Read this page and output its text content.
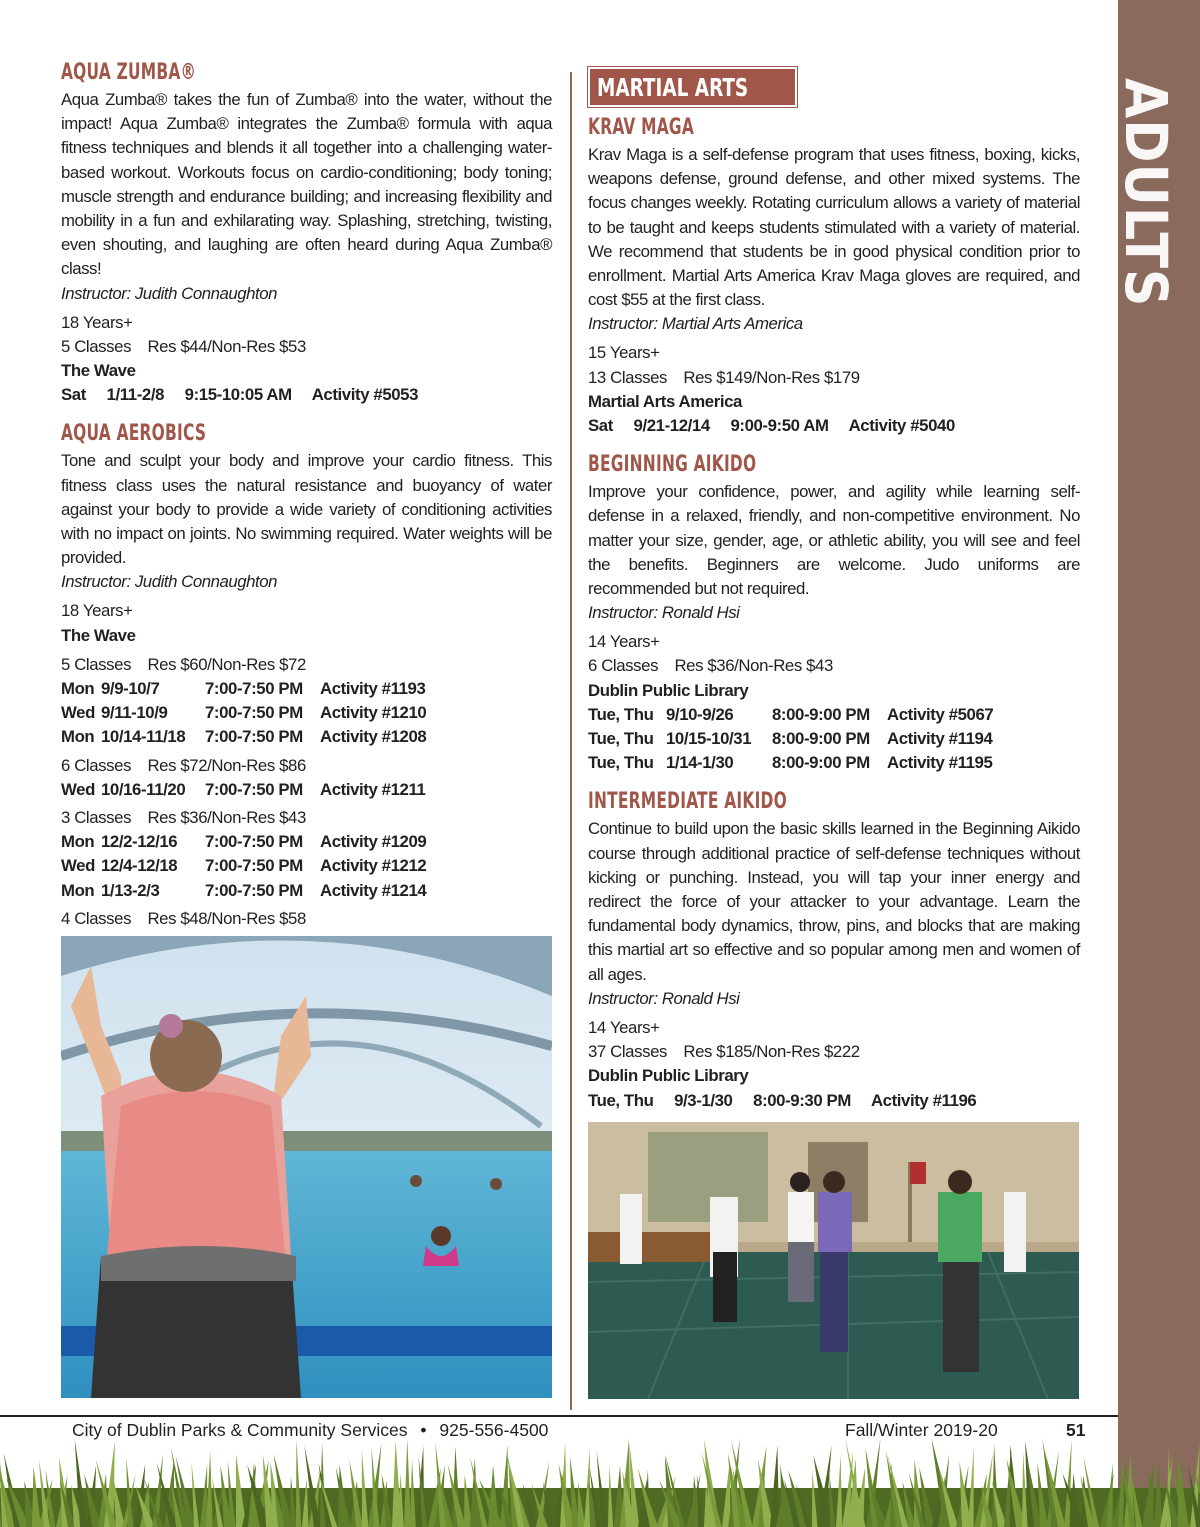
ADULTS
AQUA ZUMBA®

Aqua Zumba® takes the fun of Zumba® into the water, without the impact! Aqua Zumba® integrates the Zumba® formula with aqua fitness techniques and blends it all together into a challenging water-based workout. Workouts focus on cardio-conditioning; body toning; muscle strength and endurance building; and increasing flexibility and mobility in a fun and exhilarating way. Splashing, stretching, twisting, even shouting, and laughing are often heard during Aqua Zumba® class!

Instructor: Judith Connaughton
18 Years+
5 Classes Res $44/Non-Res $53
The Wave
Sat  1/11-2/8  9:15-10:05 AM  Activity #5053
AQUA AEROBICS

Tone and sculpt your body and improve your cardio fitness. This fitness class uses the natural resistance and buoyancy of water against your body to provide a wide variety of conditioning activities with no impact on joints. No swimming required. Water weights will be provided.

Instructor: Judith Connaughton
18 Years+
The Wave
5 Classes Res $60/Non-Res $72
Mon	9/9-10/7	7:00-7:50 PM	Activity #1193
Wed	9/11-10/9	7:00-7:50 PM	Activity #1210
Mon	10/14-11/18	7:00-7:50 PM	Activity #1208
6 Classes Res $72/Non-Res $86
Wed	10/16-11/20	7:00-7:50 PM	Activity #1211
3 Classes Res $36/Non-Res $43
Mon	12/2-12/16	7:00-7:50 PM	Activity #1209
Wed	12/4-12/18	7:00-7:50 PM	Activity #1212
Mon	1/13-2/3	7:00-7:50 PM	Activity #1214
4 Classes Res $48/Non-Res $58

MARTIAL ARTS
KRAV MAGA

Krav Maga is a self-defense program that uses fitness, boxing, kicks, weapons defense, ground defense, and other mixed systems. The focus changes weekly. Rotating curriculum allows a variety of material to be taught and keeps students stimulated with a variety of material. We recommend that students be in good physical condition prior to enrollment. Martial Arts America Krav Maga gloves are required, and cost $55 at the first class.

Instructor: Martial Arts America
15 Years+
13 Classes Res $149/Non-Res $179
Martial Arts America
Sat  9/21-12/14  9:00-9:50 AM  Activity #5040
BEGINNING AIKIDO

Improve your confidence, power, and agility while learning self-defense in a relaxed, friendly, and non-competitive environment. No matter your size, gender, age, or athletic ability, you will see and feel the benefits. Beginners are welcome. Judo uniforms are recommended but not required.

Instructor: Ronald Hsi
14 Years+
6 Classes Res $36/Non-Res $43
Dublin Public Library
Tue, Thu	9/10-9/26	8:00-9:00 PM	Activity #5067
Tue, Thu	10/15-10/31	8:00-9:00 PM	Activity #1194
Tue, Thu	1/14-1/30	8:00-9:00 PM	Activity #1195
INTERMEDIATE AIKIDO

Continue to build upon the basic skills learned in the Beginning Aikido course through additional practice of self-defense techniques without kicking or punching. Instead, you will tap your inner energy and redirect the force of your attacker to your advantage. Learn the fundamental body dynamics, throw, pins, and blocks that are making this martial art so effective and so popular among men and women of all ages.

Instructor: Ronald Hsi
14 Years+
37 Classes Res $185/Non-Res $222
Dublin Public Library
Tue, Thu  9/3-1/30  8:00-9:30 PM  Activity #1196
City of Dublin Parks & Community Services • 925-556-4500	Fall/Winter 2019-20	51
